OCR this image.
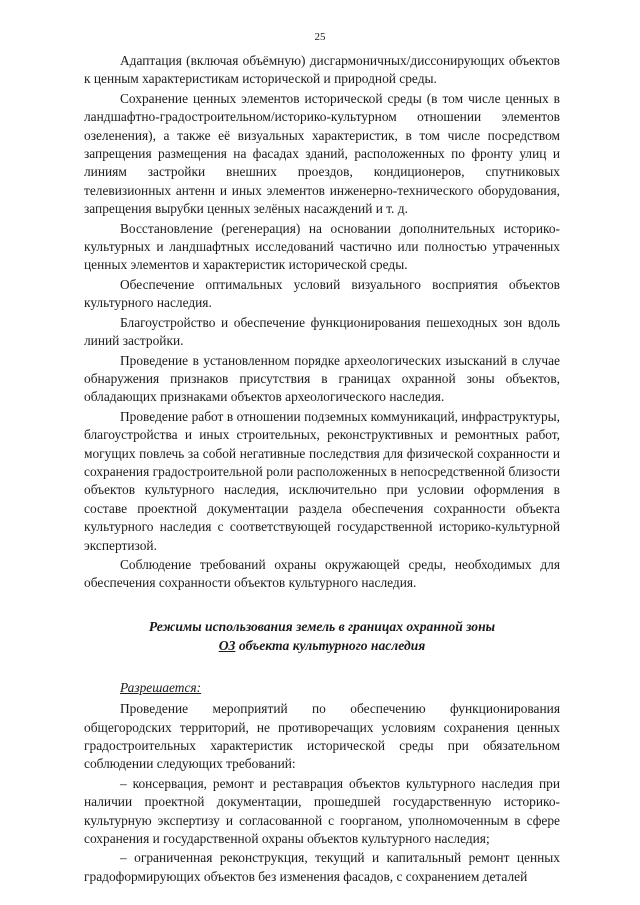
25

Адаптация (включая объёмную) дисгармоничных/диссонирующих объектов к ценным характеристикам исторической и природной среды.

Сохранение ценных элементов исторической среды (в том числе ценных в ландшафтно-градостроительном/историко-культурном отношении элементов озеленения), а также её визуальных характеристик, в том числе посредством запрещения размещения на фасадах зданий, расположенных по фронту улиц и линиям застройки внешних проездов, кондиционеров, спутниковых телевизионных антенн и иных элементов инженерно-технического оборудования, запрещения вырубки ценных зелёных насаждений и т. д.

Восстановление (регенерация) на основании дополнительных историко-культурных и ландшафтных исследований частично или полностью утраченных ценных элементов и характеристик исторической среды.

Обеспечение оптимальных условий визуального восприятия объектов культурного наследия.

Благоустройство и обеспечение функционирования пешеходных зон вдоль линий застройки.

Проведение в установленном порядке археологических изысканий в случае обнаружения признаков присутствия в границах охранной зоны объектов, обладающих признаками объектов археологического наследия.

Проведение работ в отношении подземных коммуникаций, инфраструктуры, благоустройства и иных строительных, реконструктивных и ремонтных работ, могущих повлечь за собой негативные последствия для физической сохранности и сохранения градостроительной роли расположенных в непосредственной близости объектов культурного наследия, исключительно при условии оформления в составе проектной документации раздела обеспечения сохранности объекта культурного наследия с соответствующей государственной историко-культурной экспертизой.

Соблюдение требований охраны окружающей среды, необходимых для обеспечения сохранности объектов культурного наследия.

Режимы использования земель в границах охранной зоны
ОЗ объекта культурного наследия
Разрешается:

Проведение мероприятий по обеспечению функционирования общегородских территорий, не противоречащих условиям сохранения ценных градостроительных характеристик исторической среды при обязательном соблюдении следующих требований:

– консервация, ремонт и реставрация объектов культурного наследия при наличии проектной документации, прошедшей государственную историко-культурную экспертизу и согласованной с гоорганом, уполномоченным в сфере сохранения и государственной охраны объектов культурного наследия;

– ограниченная реконструкция, текущий и капитальный ремонт ценных градоформирующих объектов без изменения фасадов, с сохранением деталей
